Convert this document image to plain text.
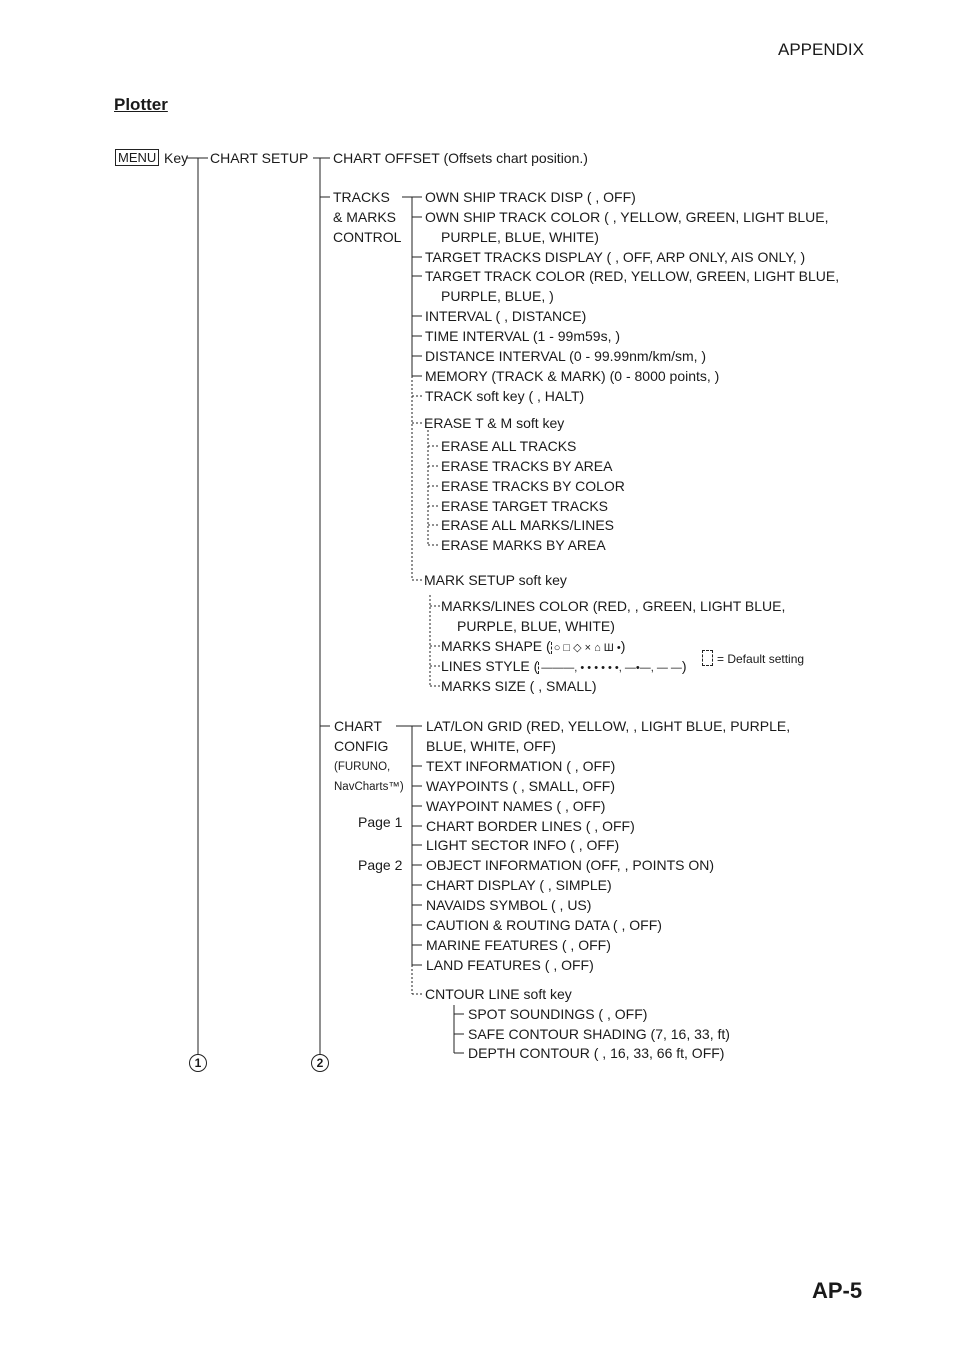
APPENDIX
Plotter
AP-5
MENU Key CHART SETUP CHART OFFSET (Offsets chart position.)
TRACKS
& MARKS
CONTROL
OWN SHIP TRACK DISP ( , OFF)
OWN SHIP TRACK COLOR ( , YELLOW, GREEN, LIGHT BLUE,
PURPLE, BLUE, WHITE)
TARGET TRACKS DISPLAY ( , OFF, ARP ONLY, AIS ONLY, )
TARGET TRACK COLOR (RED, YELLOW, GREEN, LIGHT BLUE,
PURPLE, BLUE, )
INTERVAL ( , DISTANCE)
TIME INTERVAL (1 - 99m59s, )
DISTANCE INTERVAL (0 - 99.99nm/km/sm, )
MEMORY (TRACK & MARK) (0 - 8000 points, )
TRACK soft key ( , HALT)
ERASE T & M soft key
ERASE ALL TRACKS
ERASE TRACKS BY AREA
ERASE TRACKS BY COLOR
ERASE TARGET TRACKS
ERASE ALL MARKS/LINES
ERASE MARKS BY AREA
MARK SETUP soft key
MARKS/LINES COLOR (RED, , GREEN, LIGHT BLUE,
PURPLE, BLUE, WHITE)
MARKS SHAPE ( ○ □ ◇ × ⌂ Ш •)
LINES STYLE ( ———, • • • • • •, —•—, — —)
MARKS SIZE ( , SMALL)
= Default setting
CHART
CONFIG
(FURUNO,
NavCharts™)
Page 1
Page 2
LAT/LON GRID (RED, YELLOW, , LIGHT BLUE, PURPLE,
BLUE, WHITE, OFF)
TEXT INFORMATION ( , OFF)
WAYPOINTS ( , SMALL, OFF)
WAYPOINT NAMES ( , OFF)
CHART BORDER LINES ( , OFF)
LIGHT SECTOR INFO ( , OFF)
OBJECT INFORMATION (OFF, , POINTS ON)
CHART DISPLAY ( , SIMPLE)
NAVAIDS SYMBOL ( , US)
CAUTION & ROUTING DATA ( , OFF)
MARINE FEATURES ( , OFF)
LAND FEATURES ( , OFF)
CNTOUR LINE soft key
SPOT SOUNDINGS ( , OFF)
SAFE CONTOUR SHADING (7, 16, 33, ft)
DEPTH CONTOUR ( , 16, 33, 66 ft, OFF)
1	2
